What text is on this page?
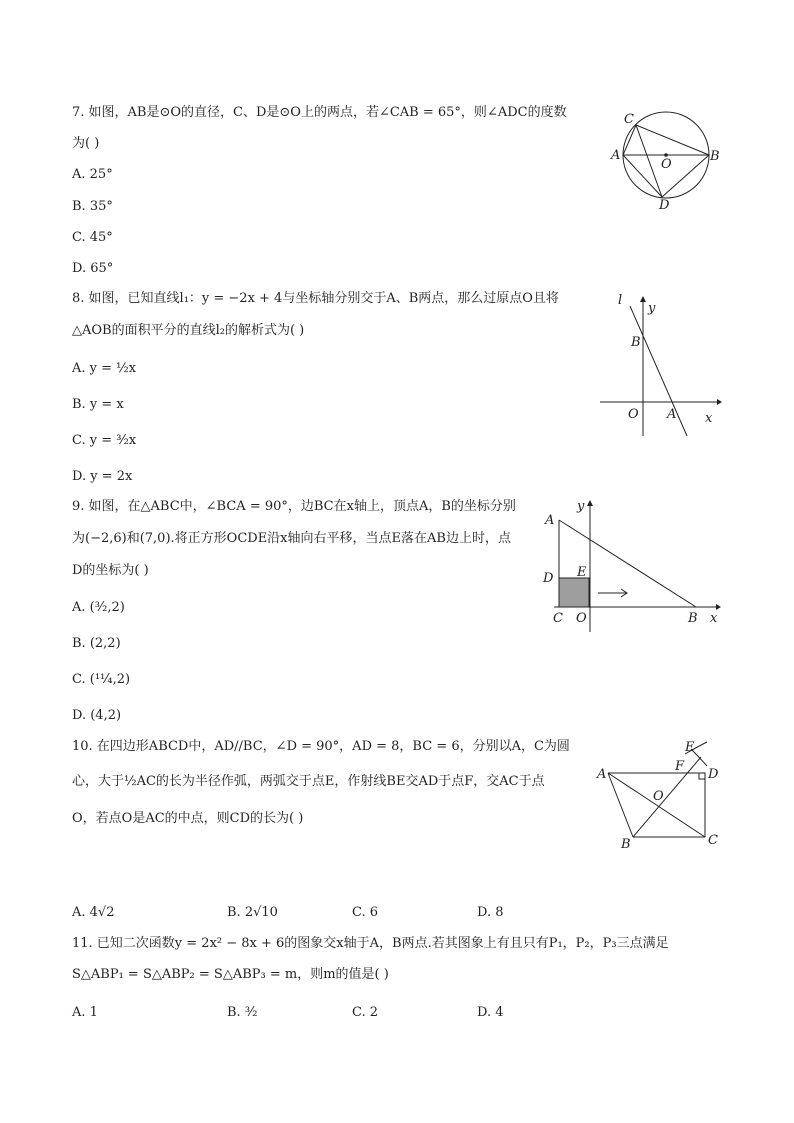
7. 如图，AB是⊙O的直径，C、D是⊙O上的两点，若∠CAB = 65°，则∠ADC的度数
为( )
A. 25°
B. 35°
C. 45°
D. 65°
C
A
O
B
D
8. 如图，已知直线l₁：y = −2x + 4与坐标轴分别交于A、B两点，那么过原点O且将
△AOB的面积平分的直线l₂的解析式为( )
A. y = ½x
B. y = x
C. y = ³⁄₂x
D. y = 2x
l
y
B
O A x
9. 如图，在△ABC中，∠BCA = 90°，边BC在x轴上，顶点A，B的坐标分别
为(−2,6)和(7,0).将正方形OCDE沿x轴向右平移，当点E落在AB边上时，点
D的坐标为( )
A. (³⁄₂,2)
B. (2,2)
C. (¹¹⁄₄,2)
D. (4,2)
y
A
E
D
C O	B x
10. 在四边形ABCD中，AD//BC，∠D = 90°，AD = 8，BC = 6，分别以A，C为圆
心，大于½AC的长为半径作弧，两弧交于点E，作射线BE交AD于点F，交AC于点
O，若点O是AC的中点，则CD的长为( )
A. 4√2	B. 2√10	C. 6	D. 8
E
F
D
A
O
B	C
11. 已知二次函数y = 2x² − 8x + 6的图象交x轴于A，B两点.若其图象上有且只有P₁，P₂，P₃三点满足
S△ABP₁ = S△ABP₂ = S△ABP₃ = m，则m的值是( )
A. 1	B. ³⁄₂	C. 2	D. 4
